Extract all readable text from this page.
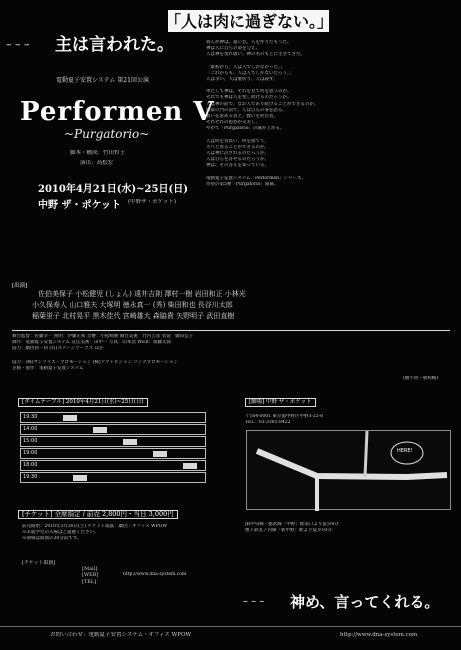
– – – 主は言われた。
「人は肉に過ぎない。」
電動夏子安置システム 第21回公演
Performen V
~Purgatorio~
脚本・構成：竹田哲士
演出：高松宏
2010年4月21日(水)~25日(日)
中野 ザ・ポケット (中野ザ・ポケット)
我らが神は、遠い昔、人を作りたもうた。
神は人に自らの姿を与え、
人は神を畏れ敬い、神の名のもとに生きてきた。
「最初から、人は人でしかなかった。」
「これからも、人は人でしかないだろう。」
人は争い、人は裏切り、人は殺す。
果たして神は、それを見て何を思うのか。
それでも神は人を愛し続けるのだろうか。
人は神の前で、なお人であり続けることができるのか。
煉獄の門の前で、人は自らの罪を語る。
救いを求める者と、救いを拒む者。
それぞれの思惑が交差し、
やがて「Purgatorio」の幕が上がる。
人は何を背負い、何を捨てて、
天へと昇ることができるのか。
人は神に許されるのだろうか。
人は自らを許せるのだろうか。
神は、その答えを知っている。
電動夏子安置システム「Performen」シリーズ、
待望の第5弾「Purgatorio」開幕。
[出演]
佐伯美保子 小松健児 (しょん) 遠井吉則 澤村一樹 岩田和正 小林光
小久保寿人 山口雅夫 大塚明 徳永真一 (秀) 柴田和也 長谷川太郎
稲葉蛍子 北村晃平 黒木佳代 宮崎雄大 森脇貴 矢野明子 武田直樹
舞台監督：佐藤幸一 照明：伊藤正和 音響：小松崎勝 舞台美術：竹内吉彦 衣裳：藤田佳子
制作：電動夏子安置システム 宣伝美術：田中一 写真：山本浩 WEB：加藤太郎
協力：劇団員一同 (有)ステージワークス ほか
協力：(株)サンライズ・プロモーション (株)アクトビジョン リンクプロモーション
企画・製作：電動夏子安置システム
(順不同・敬称略)
[タイムテーブル] 2010年4月21日(水)~25日(日)
19:30
14:00
15:00
19:00
18:00
19:30
[チケット] 全席指定 / 前売 2,800円・当日 3,000円
前売開始：2010年3月20日(土) チケット取扱：劇団・オフィス WPOW
※未就学児の入場はご遠慮ください。
※開場は開演の30分前です。
[チケット取扱]
[Mail]
[WEB]
[TEL]
http://www.dna-system.com
[劇場] 中野 ザ・ポケット
〒164-0001 東京都中野区中野3-22-8
TEL：03-3381-8422
HERE!
JR中央線・総武線「中野」駅南口より徒歩8分
地下鉄丸ノ内線「新中野」駅より徒歩10分
– – – 神め、言ってくれる。
お問い合わせ：電動夏子安置システム・オフィス WPOW	http://www.dna-system.com
